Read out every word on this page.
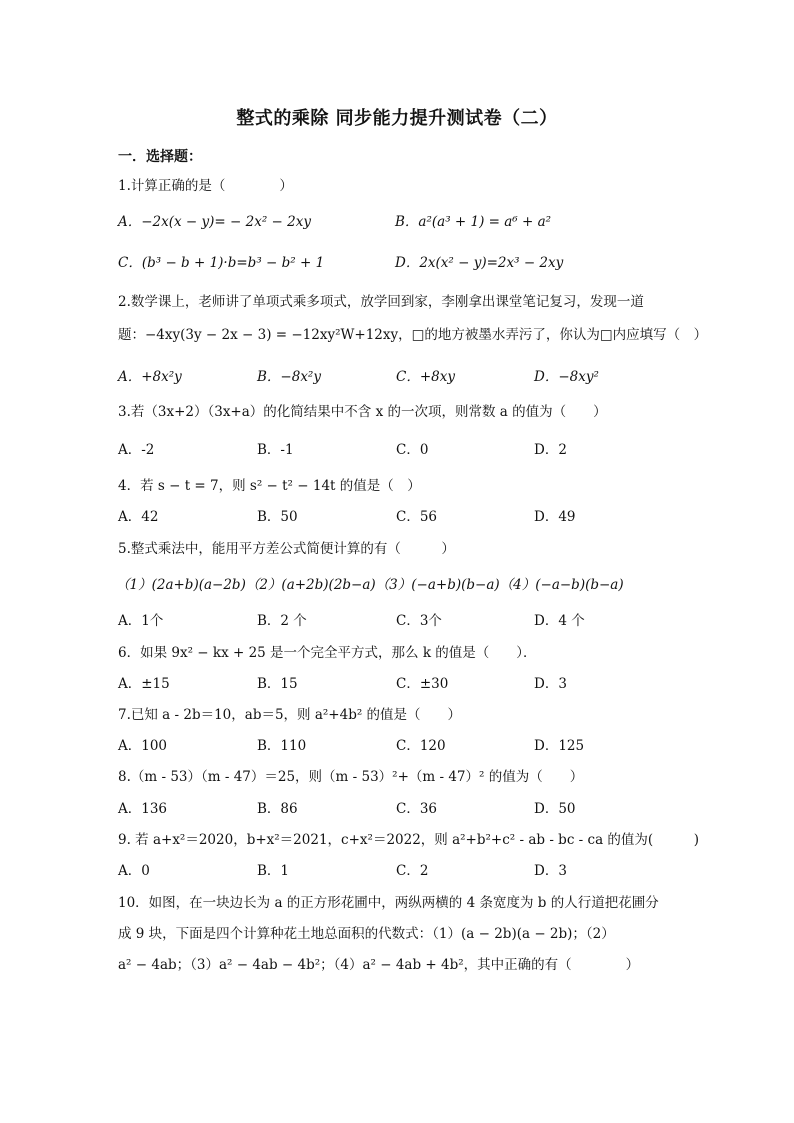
整式的乘除 同步能力提升测试卷（二）
一．选择题：
1.计算正确的是（　　　　）
A．−2x(x − y)= − 2x² − 2xy	B．a²(a³ + 1) = a⁶ + a²
C．(b³ − b + 1)·b=b³ − b² + 1	D．2x(x² − y)=2x³ − 2xy
2.数学课上，老师讲了单项式乘多项式，放学回到家，李刚拿出课堂笔记复习，发现一道
题：−4xy(3y − 2x − 3) = −12xy²W+12xy，□的地方被墨水弄污了，你认为□内应填写（　）
A．+8x²y	B．−8x²y	C．+8xy	D．−8xy²
3.若（3x+2）（3x+a）的化简结果中不含 x 的一次项，则常数 a 的值为（　　）
A．-2	B．-1	C．0	D．2
4．若 s − t = 7，则 s² − t² − 14t 的值是（　）
A．42	B．50	C．56	D．49
5.整式乘法中，能用平方差公式简便计算的有（　　　）
（1）(2a+b)(a−2b)（2）(a+2b)(2b−a)（3）(−a+b)(b−a)（4）(−a−b)(b−a)
A．1个	B．2 个	C．3个	D．4 个
6．如果 9x² − kx + 25 是一个完全平方式，那么 k 的值是（　　）．
A．±15	B．15	C．±30	D．3
7.已知 a - 2b＝10，ab＝5，则 a²+4b² 的值是（　　）
A．100	B．110	C．120	D．125
8.（m - 53）（m - 47）＝25，则（m - 53）²+（m - 47）² 的值为（　　）
A．136	B．86	C．36	D．50
9. 若 a+x²＝2020，b+x²＝2021，c+x²＝2022，则 a²+b²+c² - ab - bc - ca 的值为(　　　)
A．0	B．1	C．2	D．3
10．如图，在一块边长为 a 的正方形花圃中，两纵两横的 4 条宽度为 b 的人行道把花圃分
成 9 块，下面是四个计算种花土地总面积的代数式：（1）(a − 2b)(a − 2b)；（2）
a² − 4ab；（3）a² − 4ab − 4b²；（4）a² − 4ab + 4b²，其中正确的有（　　　　）
